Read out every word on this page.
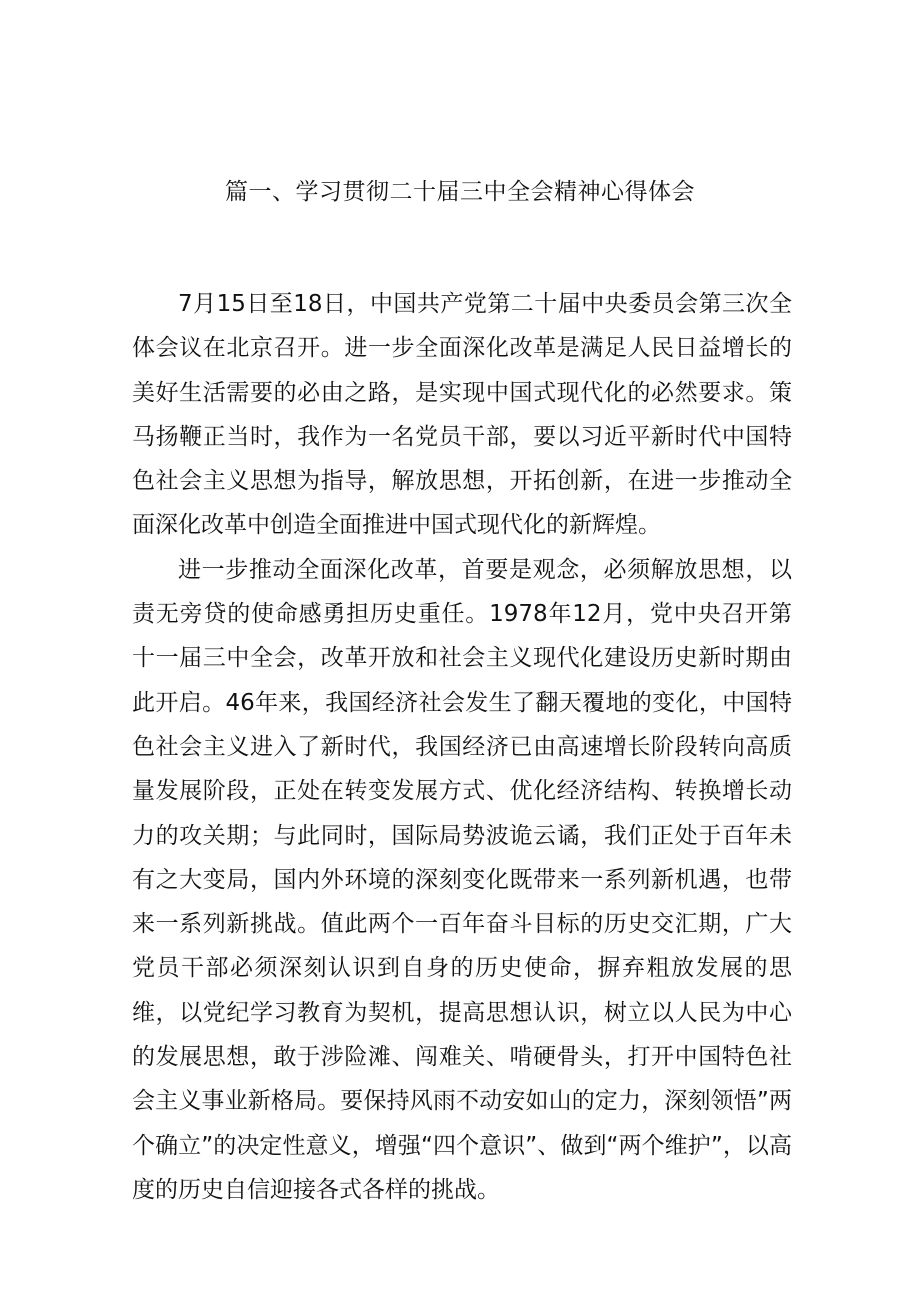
篇一、学习贯彻二十届三中全会精神心得体会

7月15日至18日，中国共产党第二十届中央委员会第三次全体会议在北京召开。进一步全面深化改革是满足人民日益增长的美好生活需要的必由之路，是实现中国式现代化的必然要求。策马扬鞭正当时，我作为一名党员干部，要以习近平新时代中国特色社会主义思想为指导，解放思想，开拓创新，在进一步推动全面深化改革中创造全面推进中国式现代化的新辉煌。

进一步推动全面深化改革，首要是观念，必须解放思想，以责无旁贷的使命感勇担历史重任。1978年12月，党中央召开第十一届三中全会，改革开放和社会主义现代化建设历史新时期由此开启。46年来，我国经济社会发生了翻天覆地的变化，中国特色社会主义进入了新时代，我国经济已由高速增长阶段转向高质量发展阶段，正处在转变发展方式、优化经济结构、转换增长动力的攻关期；与此同时，国际局势波诡云谲，我们正处于百年未有之大变局，国内外环境的深刻变化既带来一系列新机遇，也带来一系列新挑战。值此两个一百年奋斗目标的历史交汇期，广大党员干部必须深刻认识到自身的历史使命，摒弃粗放发展的思维，以党纪学习教育为契机，提高思想认识，树立以人民为中心的发展思想，敢于涉险滩、闯难关、啃硬骨头，打开中国特色社会主义事业新格局。要保持风雨不动安如山的定力，深刻领悟”两个确立”的决定性意义，增强“四个意识”、做到“两个维护”，以高度的历史自信迎接各式各样的挑战。
